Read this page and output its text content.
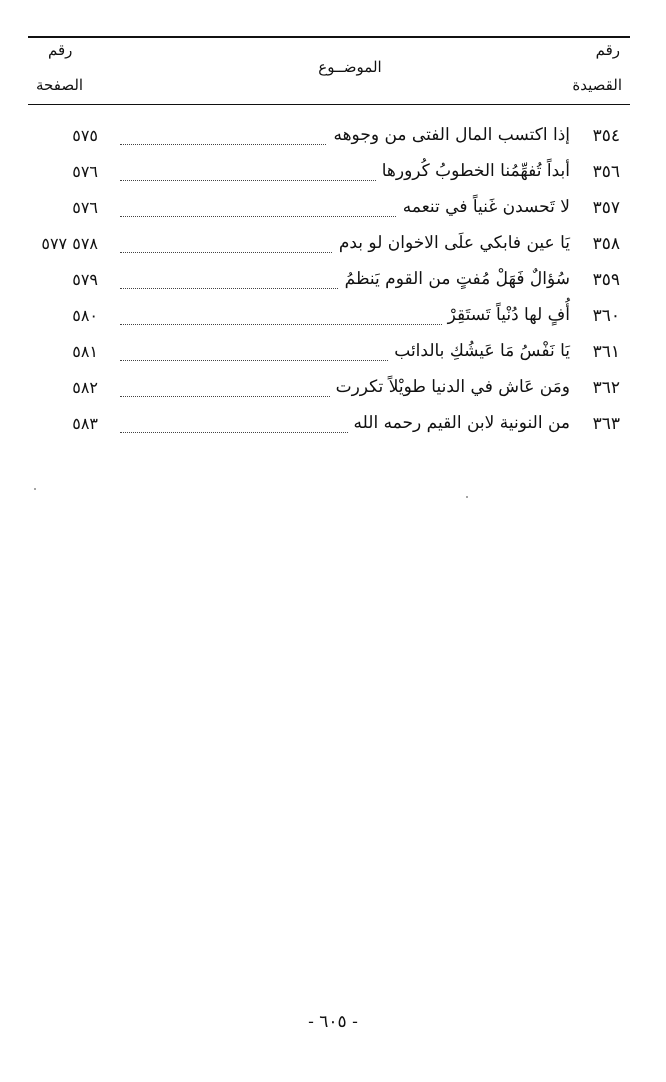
رقم
القصيدة
الموضــوع
رقم
الصفحة
٣٥٤
إذا اكتسب المال الفتى من وجوهه
٥٧٥
٣٥٦
أبداً تُفهِّمُنا الخطوبُ كُرورها
٥٧٦
٣٥٧
لا تَحسدن غَنياً في تنعمه
٥٧٦
٣٥٨
يَا عين فابكي علَى الاخوان لو بدم
٥٧٨ ٥٧٧
٣٥٩
سُؤالٌ فَهَلْ مُفتٍ من القوم يَنظمُ
٥٧٩
٣٦٠
أُفٍ لها دُنْياً تَستَقِرْ
٥٨٠
٣٦١
يَا نَفْسُ مَا عَيشُكِ بالدائب
٥٨١
٣٦٢
ومَن عَاش في الدنيا طويْلاً تكررت
٥٨٢
٣٦٣
من النونية لابن القيم رحمه الله
٥٨٣
- ٦٠٥ -
